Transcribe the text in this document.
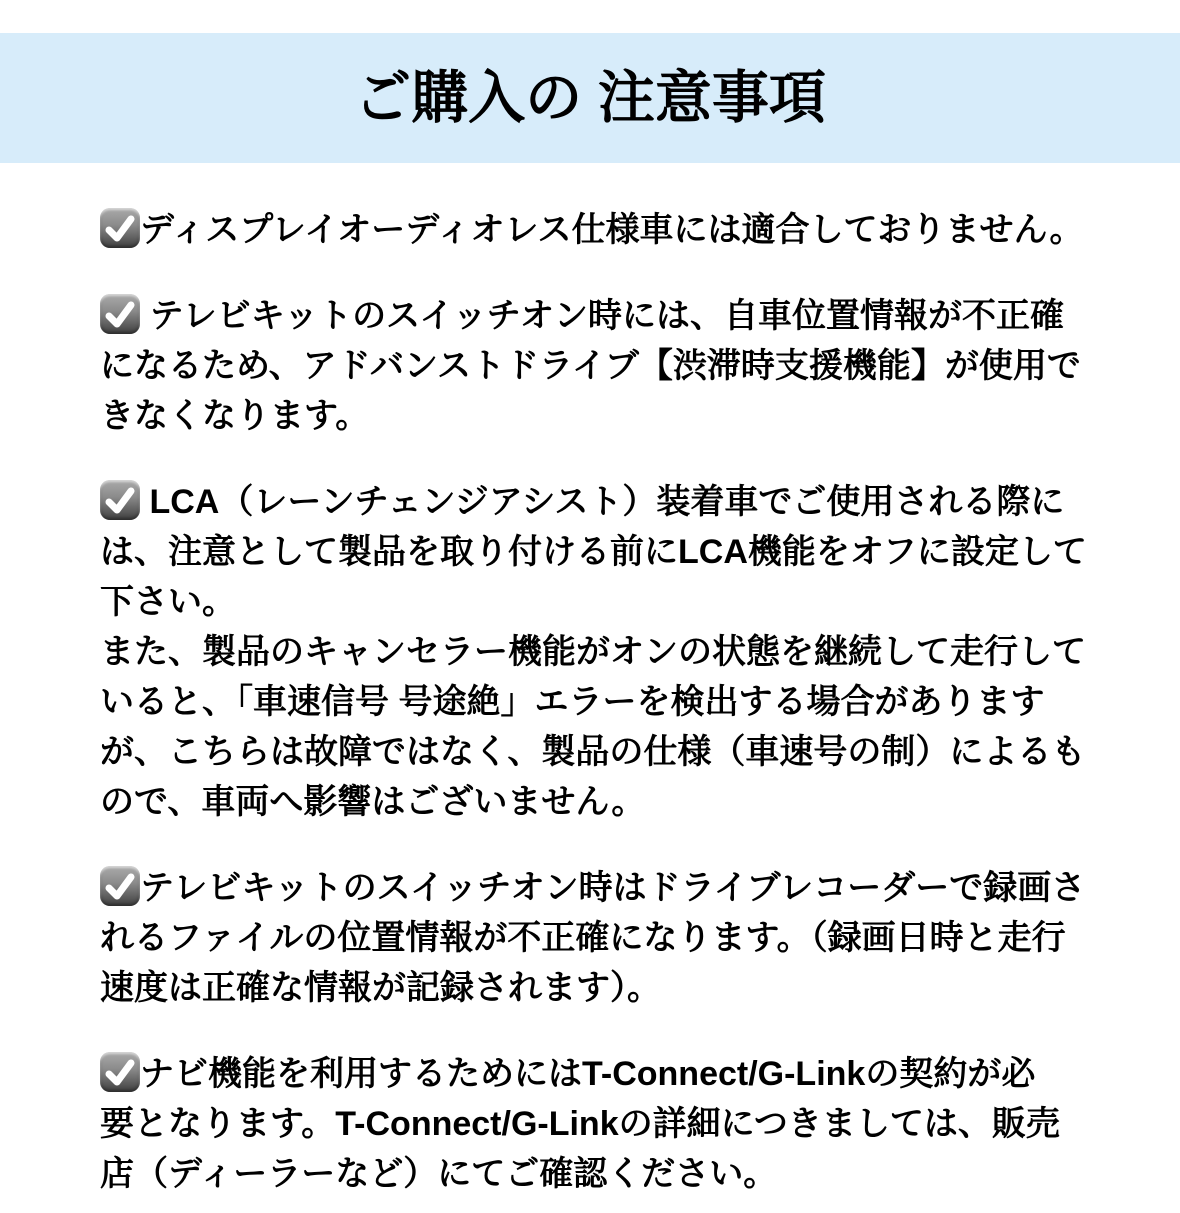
ご購入の 注意事項

ディスプレイオーディオレス仕様車には適合しておりません。

テレビキットのスイッチオン時には、自車位置情報が不正確
になるため、アドバンストドライブ【渋滞時支援機能】が使用で
きなくなります。

LCA（レーンチェンジアシスト）装着車でご使用される際に
は、注意として製品を取り付ける前にLCA機能をオフに設定して
下さい。
また、製品のキャンセラー機能がオンの状態を継続して走行して
いると、「車速信号 号途絶」エラーを検出する場合があります
が、こちらは故障ではなく、製品の仕様（車速号の制）によるも
ので、車両へ影響はございません。

テレビキットのスイッチオン時はドライブレコーダーで録画さ
れるファイルの位置情報が不正確になります。（録画日時と走行
速度は正確な情報が記録されます）。

ナビ機能を利用するためにはT-Connect/G-Linkの契約が必
要となります。T-Connect/G-Linkの詳細につきましては、販売
店（ディーラーなど）にてご確認ください。
